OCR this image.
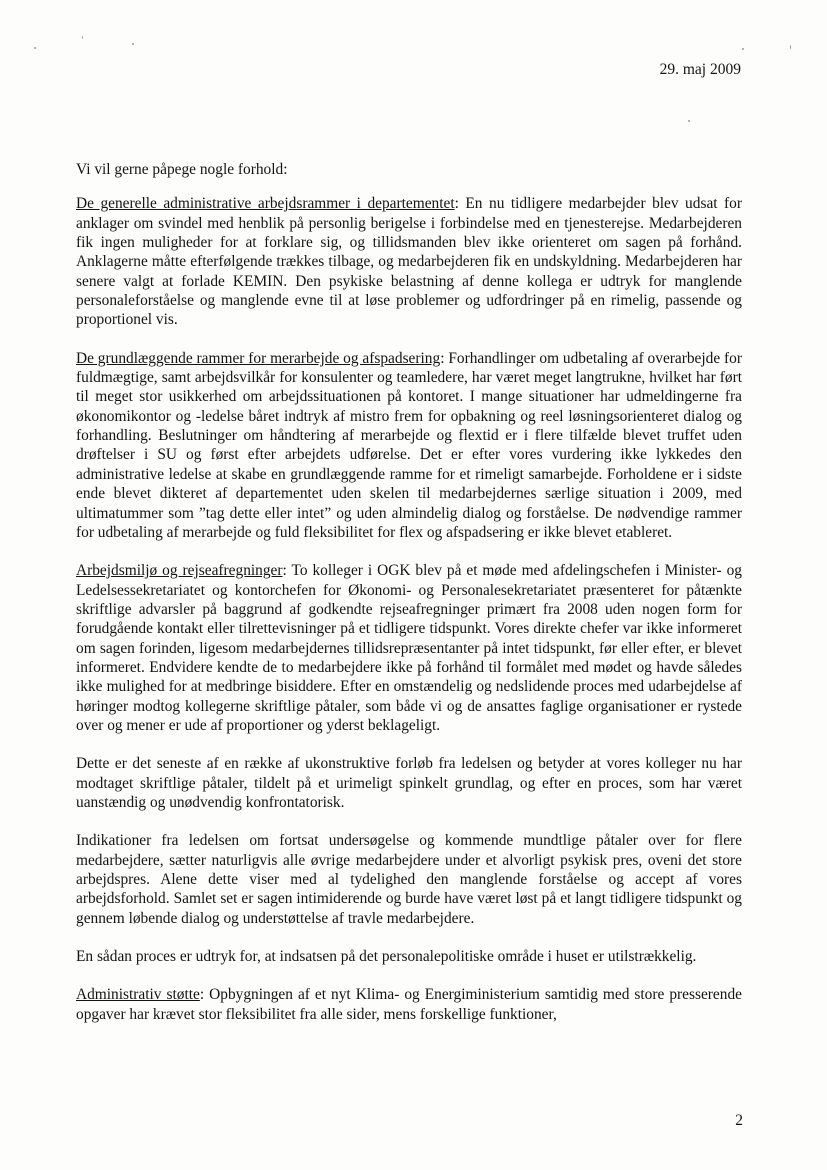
29. maj 2009

Vi vil gerne påpege nogle forhold:

De generelle administrative arbejdsrammer i departementet: En nu tidligere medarbejder blev udsat for anklager om svindel med henblik på personlig berigelse i forbindelse med en tjenesterejse. Medarbejderen fik ingen muligheder for at forklare sig, og tillidsmanden blev ikke orienteret om sagen på forhånd. Anklagerne måtte efterfølgende trækkes tilbage, og medarbejderen fik en undskyldning. Medarbejderen har senere valgt at forlade KEMIN. Den psykiske belastning af denne kollega er udtryk for manglende personaleforståelse og manglende evne til at løse problemer og udfordringer på en rimelig, passende og proportionel vis.

De grundlæggende rammer for merarbejde og afspadsering: Forhandlinger om udbetaling af overarbejde for fuldmægtige, samt arbejdsvilkår for konsulenter og teamledere, har været meget langtrukne, hvilket har ført til meget stor usikkerhed om arbejdssituationen på kontoret. I mange situationer har udmeldingerne fra økonomikontor og -ledelse båret indtryk af mistro frem for opbakning og reel løsningsorienteret dialog og forhandling. Beslutninger om håndtering af merarbejde og flextid er i flere tilfælde blevet truffet uden drøftelser i SU og først efter arbejdets udførelse. Det er efter vores vurdering ikke lykkedes den administrative ledelse at skabe en grundlæggende ramme for et rimeligt samarbejde. Forholdene er i sidste ende blevet dikteret af departementet uden skelen til medarbejdernes særlige situation i 2009, med ultimatummer som ”tag dette eller intet” og uden almindelig dialog og forståelse. De nødvendige rammer for udbetaling af merarbejde og fuld fleksibilitet for flex og afspadsering er ikke blevet etableret.

Arbejdsmiljø og rejseafregninger: To kolleger i OGK blev på et møde med afdelingschefen i Minister- og Ledelsessekretariatet og kontorchefen for Økonomi- og Personalesekretariatet præsenteret for påtænkte skriftlige advarsler på baggrund af godkendte rejseafregninger primært fra 2008 uden nogen form for forudgående kontakt eller tilrettevisninger på et tidligere tidspunkt. Vores direkte chefer var ikke informeret om sagen forinden, ligesom medarbejdernes tillidsrepræsentanter på intet tidspunkt, før eller efter, er blevet informeret. Endvidere kendte de to medarbejdere ikke på forhånd til formålet med mødet og havde således ikke mulighed for at medbringe bisiddere. Efter en omstændelig og nedslidende proces med udarbejdelse af høringer modtog kollegerne skriftlige påtaler, som både vi og de ansattes faglige organisationer er rystede over og mener er ude af proportioner og yderst beklageligt.

Dette er det seneste af en række af ukonstruktive forløb fra ledelsen og betyder at vores kolleger nu har modtaget skriftlige påtaler, tildelt på et urimeligt spinkelt grundlag, og efter en proces, som har været uanstændig og unødvendig konfrontatorisk.

Indikationer fra ledelsen om fortsat undersøgelse og kommende mundtlige påtaler over for flere medarbejdere, sætter naturligvis alle øvrige medarbejdere under et alvorligt psykisk pres, oveni det store arbejdspres. Alene dette viser med al tydelighed den manglende forståelse og accept af vores arbejdsforhold. Samlet set er sagen intimiderende og burde have været løst på et langt tidligere tidspunkt og gennem løbende dialog og understøttelse af travle medarbejdere.

En sådan proces er udtryk for, at indsatsen på det personalepolitiske område i huset er utilstrækkelig.

Administrativ støtte: Opbygningen af et nyt Klima- og Energiministerium samtidig med store presserende opgaver har krævet stor fleksibilitet fra alle sider, mens forskellige funktioner,

2
